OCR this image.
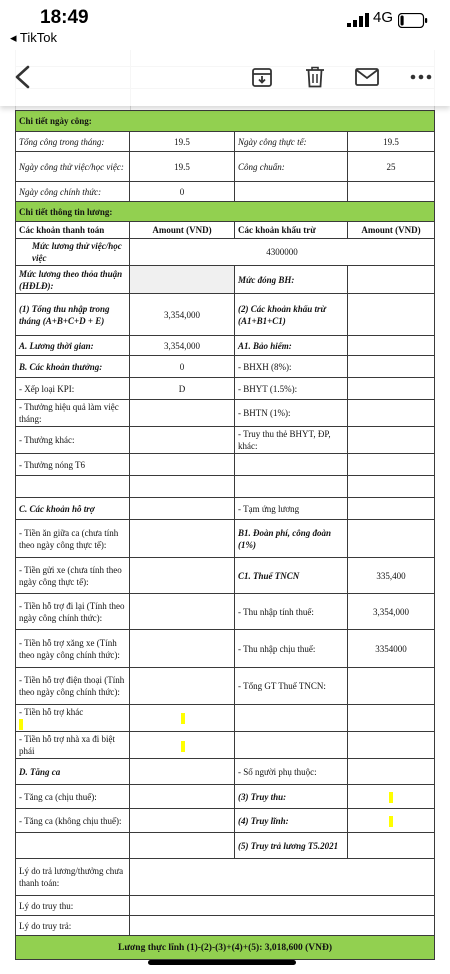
18:49
◂ TikTok
4G
Chi tiết ngày công:			
Tổng công trong tháng:	19.5	Ngày công thực tế:	19.5
Ngày công thử việc/học việc:	19.5	Công chuẩn:	25
Ngày công chính thức:	0		
Chi tiết thông tin lương:			
Các khoản thanh toán	Amount (VND)	Các khoản khấu trừ	Amount (VND)
Mức lương thử việc/học việc	4300000		
Mức lương theo thỏa thuận (HĐLĐ):		Mức đóng BH:	
(1) Tổng thu nhập trong tháng (A+B+C+D + E)	3,354,000	(2) Các khoản khấu trừ (A1+B1+C1)	
A. Lương thời gian:	3,354,000	A1. Bảo hiểm:	
B. Các khoản thưởng:	0	- BHXH (8%):	
- Xếp loại KPI:	D	- BHYT (1.5%):	
- Thưởng hiệu quả làm việc tháng:		- BHTN (1%):	
- Thưởng khác:		- Truy thu thẻ BHYT, ĐP, khác:	
- Thưởng nóng T6			

C. Các khoản hỗ trợ		- Tạm ứng lương	
- Tiền ăn giữa ca (chưa tính theo ngày công thực tế):		B1. Đoàn phí, công đoàn (1%)	
- Tiền gửi xe (chưa tính theo ngày công thực tế):		C1. Thuế TNCN	335,400
- Tiền hỗ trợ đi lại (Tính theo ngày công chính thức):		- Thu nhập tính thuế:	3,354,000
- Tiền hỗ trợ xăng xe (Tính theo ngày công chính thức):		- Thu nhập chịu thuế:	3354000
- Tiền hỗ trợ điện thoại (Tính theo ngày công chính thức):		- Tổng GT Thuế TNCN:	
- Tiền hỗ trợ khác

- Tiền hỗ trợ nhà xa đi biệt phái			
D. Tăng ca		- Số người phụ thuộc:	
- Tăng ca (chịu thuế):		(3) Truy thu:	
- Tăng ca (không chịu thuế):		(4) Truy lĩnh:	
		(5) Truy trả lương T5.2021	
Lý do trả lương/thưởng chưa thanh toán:			
Lý do truy thu:			
Lý do truy trả:			
Lương thực lĩnh (1)-(2)-(3)+(4)+(5): 3,018,600 (VNĐ)			
